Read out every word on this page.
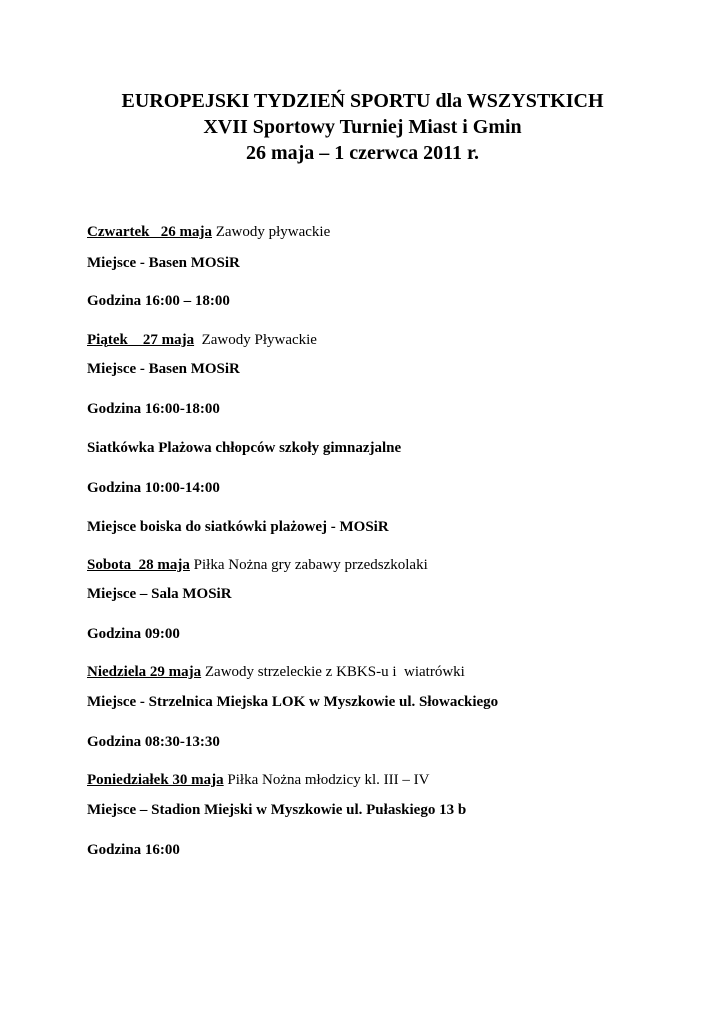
EUROPEJSKI TYDZIEŃ SPORTU dla WSZYSTKICH
XVII Sportowy Turniej Miast i Gmin
26 maja – 1 czerwca 2011 r.
Czwartek   26 maja Zawody pływackie
Miejsce - Basen MOSiR
Godzina 16:00 – 18:00
Piątek    27 maja  Zawody Pływackie
Miejsce - Basen MOSiR
Godzina 16:00-18:00
Siatkówka Plażowa chłopców szkoły gimnazjalne
Godzina 10:00-14:00
Miejsce boiska do siatkówki plażowej - MOSiR
Sobota  28 maja Piłka Nożna gry zabawy przedszkolaki
Miejsce – Sala MOSiR
Godzina 09:00
Niedziela 29 maja Zawody strzeleckie z KBKS-u i  wiatrówki
Miejsce - Strzelnica Miejska LOK w Myszkowie ul. Słowackiego
Godzina 08:30-13:30
Poniedziałek 30 maja Piłka Nożna młodzicy kl. III – IV
Miejsce – Stadion Miejski w Myszkowie ul. Pułaskiego 13 b
Godzina 16:00
